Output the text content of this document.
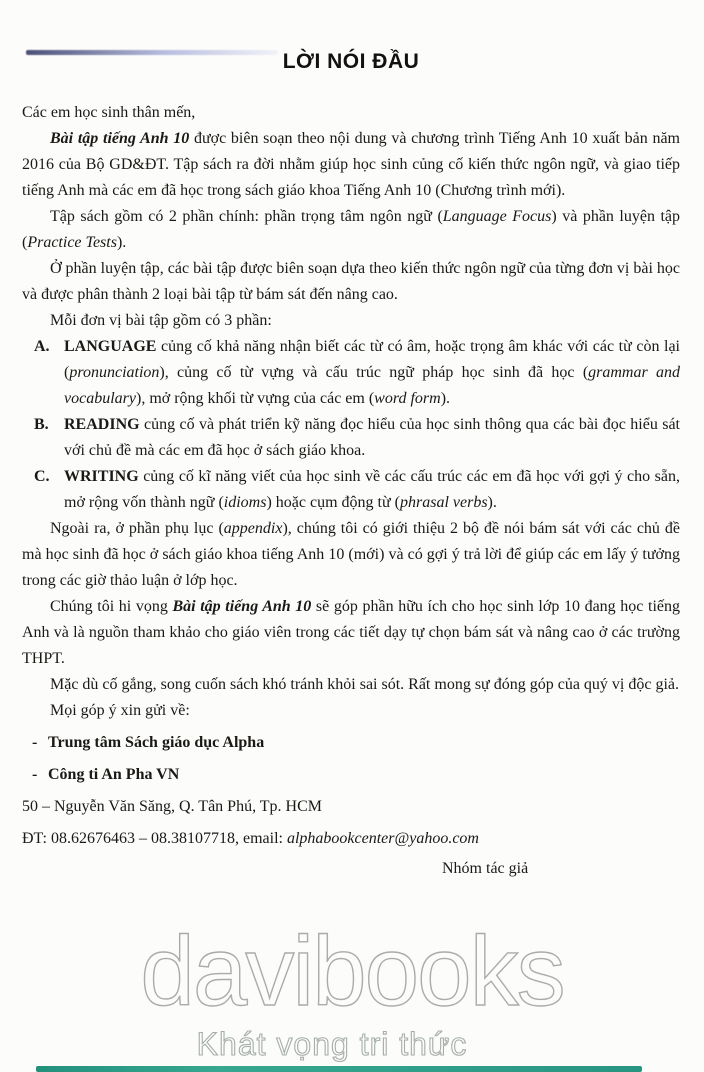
LỜI NÓI ĐẦU

Các em học sinh thân mến,

Bài tập tiếng Anh 10 được biên soạn theo nội dung và chương trình Tiếng Anh 10 xuất bản năm 2016 của Bộ GD&ĐT. Tập sách ra đời nhằm giúp học sinh củng cố kiến thức ngôn ngữ, và giao tiếp tiếng Anh mà các em đã học trong sách giáo khoa Tiếng Anh 10 (Chương trình mới).

Tập sách gồm có 2 phần chính: phần trọng tâm ngôn ngữ (Language Focus) và phần luyện tập (Practice Tests).

Ở phần luyện tập, các bài tập được biên soạn dựa theo kiến thức ngôn ngữ của từng đơn vị bài học và được phân thành 2 loại bài tập từ bám sát đến nâng cao.

Mỗi đơn vị bài tập gồm có 3 phần:

A. LANGUAGE củng cố khả năng nhận biết các từ có âm, hoặc trọng âm khác với các từ còn lại (pronunciation), củng cố từ vựng và cấu trúc ngữ pháp học sinh đã học (grammar and vocabulary), mở rộng khối từ vựng của các em (word form).

B. READING củng cố và phát triển kỹ năng đọc hiểu của học sinh thông qua các bài đọc hiểu sát với chủ đề mà các em đã học ở sách giáo khoa.

C. WRITING củng cố kĩ năng viết của học sinh về các cấu trúc các em đã học với gợi ý cho sẵn, mở rộng vốn thành ngữ (idioms) hoặc cụm động từ (phrasal verbs).

Ngoài ra, ở phần phụ lục (appendix), chúng tôi có giới thiệu 2 bộ đề nói bám sát với các chủ đề mà học sinh đã học ở sách giáo khoa tiếng Anh 10 (mới) và có gợi ý trả lời để giúp các em lấy ý tưởng trong các giờ thảo luận ở lớp học.

Chúng tôi hi vọng Bài tập tiếng Anh 10 sẽ góp phần hữu ích cho học sinh lớp 10 đang học tiếng Anh và là nguồn tham khảo cho giáo viên trong các tiết dạy tự chọn bám sát và nâng cao ở các trường THPT.

Mặc dù cố gắng, song cuốn sách khó tránh khỏi sai sót. Rất mong sự đóng góp của quý vị độc giả.

Mọi góp ý xin gửi về:

- Trung tâm Sách giáo dục Alpha

- Công ti An Pha VN

50 – Nguyễn Văn Săng, Q. Tân Phú, Tp. HCM

ĐT: 08.62676463 – 08.38107718, email: alphabookcenter@yahoo.com

Nhóm tác giả

davibooks
Khát vọng tri thức
